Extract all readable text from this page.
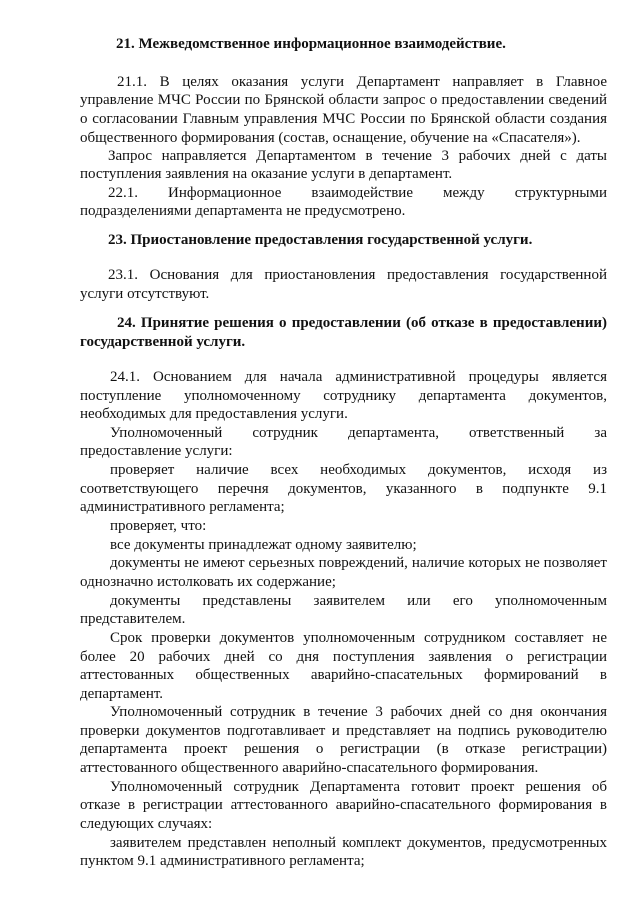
21. Межведомственное информационное взаимодействие.
21.1. В целях оказания услуги Департамент направляет в Главное
управление МЧС России по Брянской области запрос о предоставлении сведений
о согласовании Главным управления МЧС России по Брянской области создания
общественного формирования (состав, оснащение, обучение на «Спасателя»).
Запрос направляется Департаментом в течение 3 рабочих дней с даты
поступления заявления на оказание услуги в департамент.
22.1. Информационное взаимодействие между структурными
подразделениями департамента не предусмотрено.
23. Приостановление предоставления государственной услуги.
23.1. Основания для приостановления предоставления государственной
услуги отсутствуют.
24. Принятие решения о предоставлении (об отказе в предоставлении)
государственной услуги.
24.1. Основанием для начала административной процедуры является
поступление уполномоченному сотруднику департамента документов,
необходимых для предоставления услуги.
Уполномоченный сотрудник департамента, ответственный за
предоставление услуги:
проверяет наличие всех необходимых документов, исходя из
соответствующего перечня документов, указанного в подпункте 9.1
административного регламента;
проверяет, что:
все документы принадлежат одному заявителю;
документы не имеют серьезных повреждений, наличие которых не позволяет
однозначно истолковать их содержание;
документы представлены заявителем или его уполномоченным
представителем.
Срок проверки документов уполномоченным сотрудником составляет не
более 20 рабочих дней со дня поступления заявления о регистрации
аттестованных общественных аварийно-спасательных формирований в
департамент.
Уполномоченный сотрудник в течение 3 рабочих дней со дня окончания
проверки документов подготавливает и представляет на подпись руководителю
департамента проект решения о регистрации (в отказе регистрации)
аттестованного общественного аварийно-спасательного формирования.
Уполномоченный сотрудник Департамента готовит проект решения об
отказе в регистрации аттестованного аварийно-спасательного формирования в
следующих случаях:
заявителем представлен неполный комплект документов, предусмотренных
пунктом 9.1 административного регламента;
